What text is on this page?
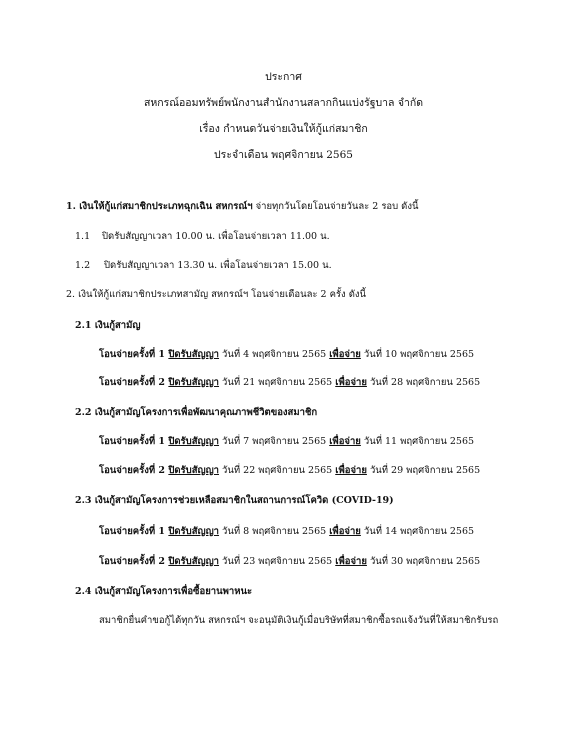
ประกาศ
สหกรณ์ออมทรัพย์พนักงานสำนักงานสลากกินแบ่งรัฐบาล จำกัด
เรื่อง กำหนดวันจ่ายเงินให้กู้แก่สมาชิก
ประจำเดือน พฤศจิกายน 2565
1. เงินให้กู้แก่สมาชิกประเภทฉุกเฉิน สหกรณ์ฯ จ่ายทุกวันโดยโอนจ่ายวันละ 2 รอบ ดังนี้
1.1 ปิดรับสัญญาเวลา 10.00 น. เพื่อโอนจ่ายเวลา 11.00 น.
1.2 ปิดรับสัญญาเวลา 13.30 น. เพื่อโอนจ่ายเวลา 15.00 น.
2. เงินให้กู้แก่สมาชิกประเภทสามัญ สหกรณ์ฯ โอนจ่ายเดือนละ 2 ครั้ง ดังนี้
2.1 เงินกู้สามัญ
โอนจ่ายครั้งที่ 1 ปิดรับสัญญา วันที่ 4 พฤศจิกายน 2565 เพื่อจ่าย วันที่ 10 พฤศจิกายน 2565
โอนจ่ายครั้งที่ 2 ปิดรับสัญญา วันที่ 21 พฤศจิกายน 2565 เพื่อจ่าย วันที่ 28 พฤศจิกายน 2565
2.2 เงินกู้สามัญโครงการเพื่อพัฒนาคุณภาพชีวิตของสมาชิก
โอนจ่ายครั้งที่ 1 ปิดรับสัญญา วันที่ 7 พฤศจิกายน 2565 เพื่อจ่าย วันที่ 11 พฤศจิกายน 2565
โอนจ่ายครั้งที่ 2 ปิดรับสัญญา วันที่ 22 พฤศจิกายน 2565 เพื่อจ่าย วันที่ 29 พฤศจิกายน 2565
2.3 เงินกู้สามัญโครงการช่วยเหลือสมาชิกในสถานการณ์โควิด (COVID-19)
โอนจ่ายครั้งที่ 1 ปิดรับสัญญา วันที่ 8 พฤศจิกายน 2565 เพื่อจ่าย วันที่ 14 พฤศจิกายน 2565
โอนจ่ายครั้งที่ 2 ปิดรับสัญญา วันที่ 23 พฤศจิกายน 2565 เพื่อจ่าย วันที่ 30 พฤศจิกายน 2565
2.4 เงินกู้สามัญโครงการเพื่อซื้อยานพาหนะ
สมาชิกยื่นคำขอกู้ได้ทุกวัน สหกรณ์ฯ จะอนุมัติเงินกู้เมื่อบริษัทที่สมาชิกซื้อรถแจ้งวันที่ให้สมาชิกรับรถ
